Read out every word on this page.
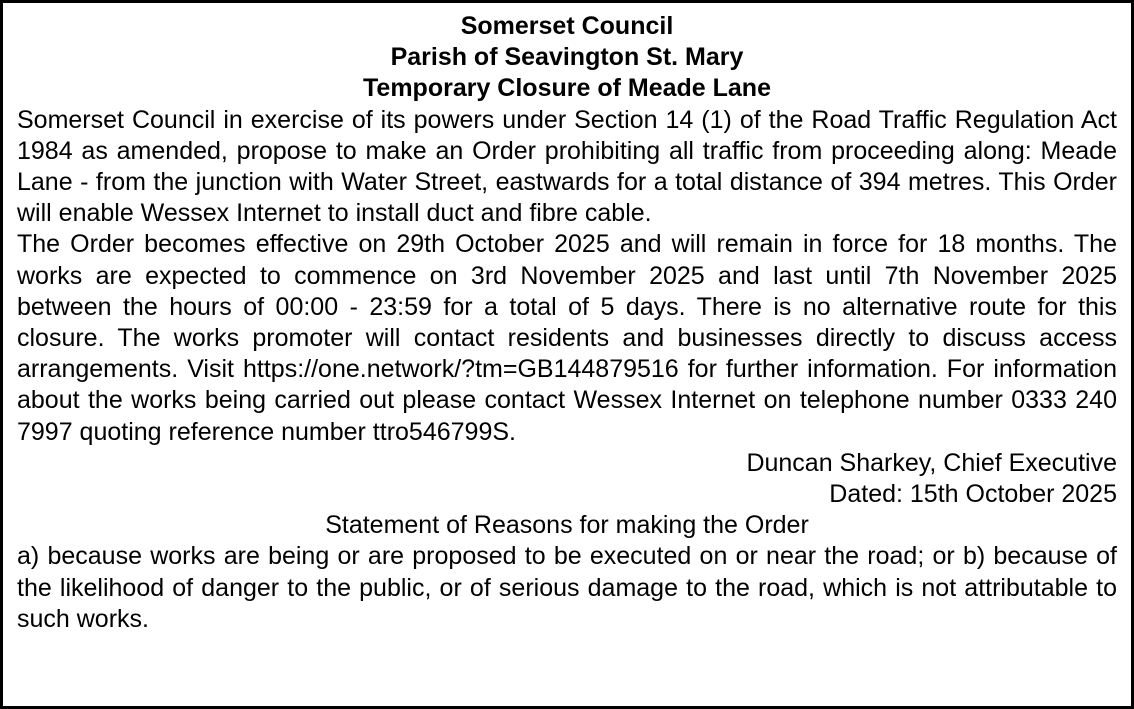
Somerset Council
Parish of Seavington St. Mary
Temporary Closure of Meade Lane

Somerset Council in exercise of its powers under Section 14 (1) of the Road Traffic Regulation Act 1984 as amended, propose to make an Order prohibiting all traffic from proceeding along: Meade Lane - from the junction with Water Street, eastwards for a total distance of 394 metres. This Order will enable Wessex Internet to install duct and fibre cable.

The Order becomes effective on 29th October 2025 and will remain in force for 18 months. The works are expected to commence on 3rd November 2025 and last until 7th November 2025 between the hours of 00:00 - 23:59 for a total of 5 days. There is no alternative route for this closure. The works promoter will contact residents and businesses directly to discuss access arrangements. Visit https://one.network/?tm=GB144879516 for further information. For information about the works being carried out please contact Wessex Internet on telephone number 0333 240 7997 quoting reference number ttro546799S.

Duncan Sharkey, Chief Executive
Dated: 15th October 2025
Statement of Reasons for making the Order

a) because works are being or are proposed to be executed on or near the road; or b) because of the likelihood of danger to the public, or of serious damage to the road, which is not attributable to such works.
